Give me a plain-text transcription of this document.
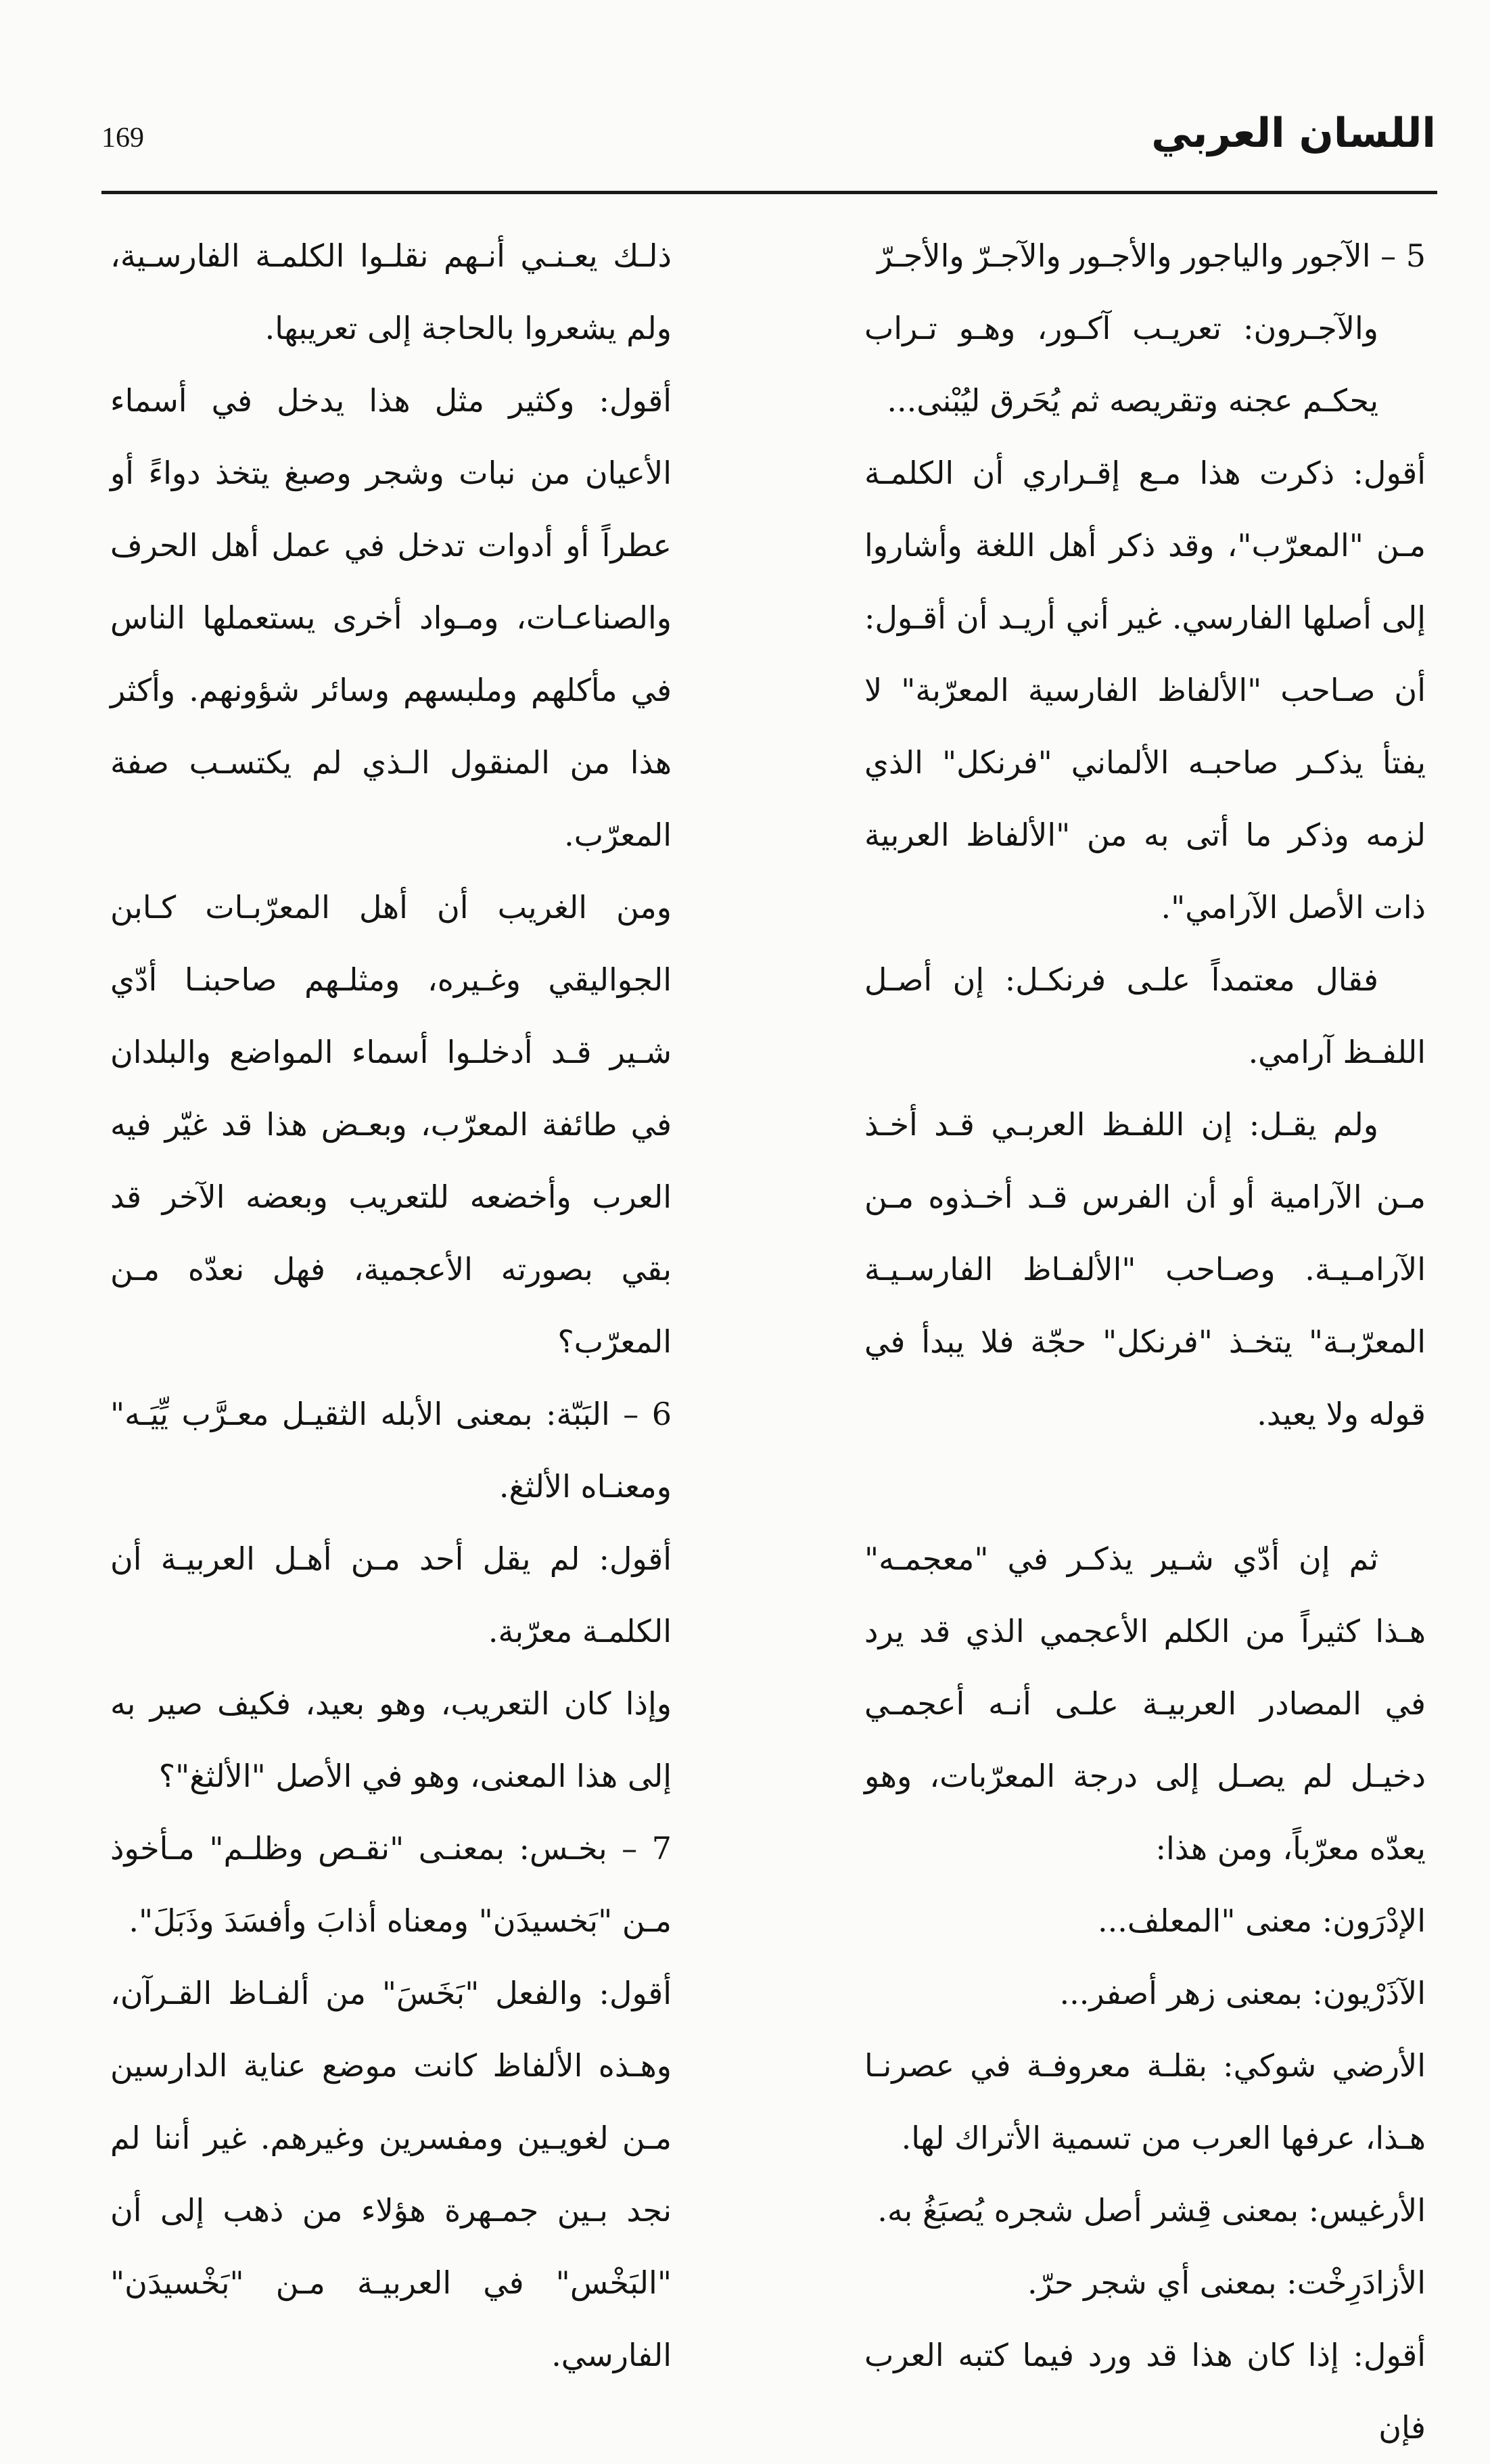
اللسان العربي
169

5 – الآجور والياجور والأجـور والآجـرّ والأجـرّ

والآجـرون: تعريـب آكـور، وهـو تـراب يحكـم عجنه وتقريصه ثم يُحَرق ليُبْنى...

أقول: ذكرت هذا مـع إقـراري أن الكلمـة مـن "المعرّب"، وقد ذكر أهل اللغة وأشاروا إلى أصلها الفارسي. غير أني أريـد أن أقـول: أن صـاحب "الألفاظ الفارسية المعرّبة" لا يفتأ يذكـر صاحبـه الألماني "فرنكل" الذي لزمه وذكر ما أتى به من "الألفاظ العربية ذات الأصل الآرامي".

فقال معتمداً علـى فرنكـل: إن أصـل اللفـظ آرامي.

ولم يقـل: إن اللفـظ العربـي قـد أخـذ مـن الآرامية أو أن الفرس قـد أخـذوه مـن الآرامـيـة. وصـاحب "الألفـاظ الفارسـيـة المعرّبـة" يتخـذ "فرنكل" حجّة فلا يبدأ في قوله ولا يعيد.

ثم إن أدّي شـير يذكـر في "معجمـه" هـذا كثيراً من الكلم الأعجمي الذي قد يرد في المصادر العربيـة علـى أنـه أعجمـي دخيـل لم يصـل إلى درجة المعرّبات، وهو يعدّه معرّباً، ومن هذا:

الإدْرَون: معنى "المعلف...

الآذَرْيون: بمعنى زهر أصفر...

الأرضي شوكي: بقلـة معروفـة في عصرنـا هـذا، عرفها العرب من تسمية الأتراك لها.

الأرغيس: بمعنى قِشر أصل شجره يُصبَغُ به.

الأزادَرِخْت: بمعنى أي شجر حرّ.

أقول: إذا كان هذا قد ورد فيما كتبه العرب فإن

ذلـك يعـنـي أنـهم نقلـوا الكلمـة الفارسـية، ولم يشعروا بالحاجة إلى تعريبها.

أقول: وكثير مثل هذا يدخل في أسماء الأعيان من نبات وشجر وصبغ يتخذ دواءً أو عطراً أو أدوات تدخل في عمل أهل الحرف والصناعـات، ومـواد أخرى يستعملها الناس في مأكلهم وملبسهم وسائر شؤونهم. وأكثر هذا من المنقول الـذي لم يكتسـب صفة المعرّب.

ومن الغريب أن أهل المعرّبـات كـابن الجواليقي وغـيره، ومثلـهم صاحبنـا أدّي شـير قـد أدخلـوا أسماء المواضع والبلدان في طائفة المعرّب، وبعـض هذا قد غيّر فيه العرب وأخضعه للتعريب وبعضه الآخر قد بقي بصورته الأعجمية، فهل نعدّه مـن المعرّب؟

6 – البَبّة: بمعنى الأبله الثقيـل معـرَّب يِّيَـه" ومعنـاه الألثغ.

أقول: لم يقل أحد مـن أهـل العربيـة أن الكلمـة معرّبة.

وإذا كان التعريب، وهو بعيد، فكيف صير به إلى هذا المعنى، وهو في الأصل "الألثغ"؟

7 – بخـس: بمعنـى "نقـص وظلـم" مـأخوذ مـن "بَخسيدَن" ومعناه أذابَ وأفسَدَ وذَبَلَ".

أقول: والفعل "بَخَسَ" من ألفـاظ القـرآن، وهـذه الألفاظ كانت موضع عناية الدارسين مـن لغويـين ومفسرين وغيرهم. غير أننا لم نجد بـين جمـهرة هؤلاء من ذهب إلى أن "البَخْس" في العربيـة مـن "بَخْسيدَن" الفارسي.
